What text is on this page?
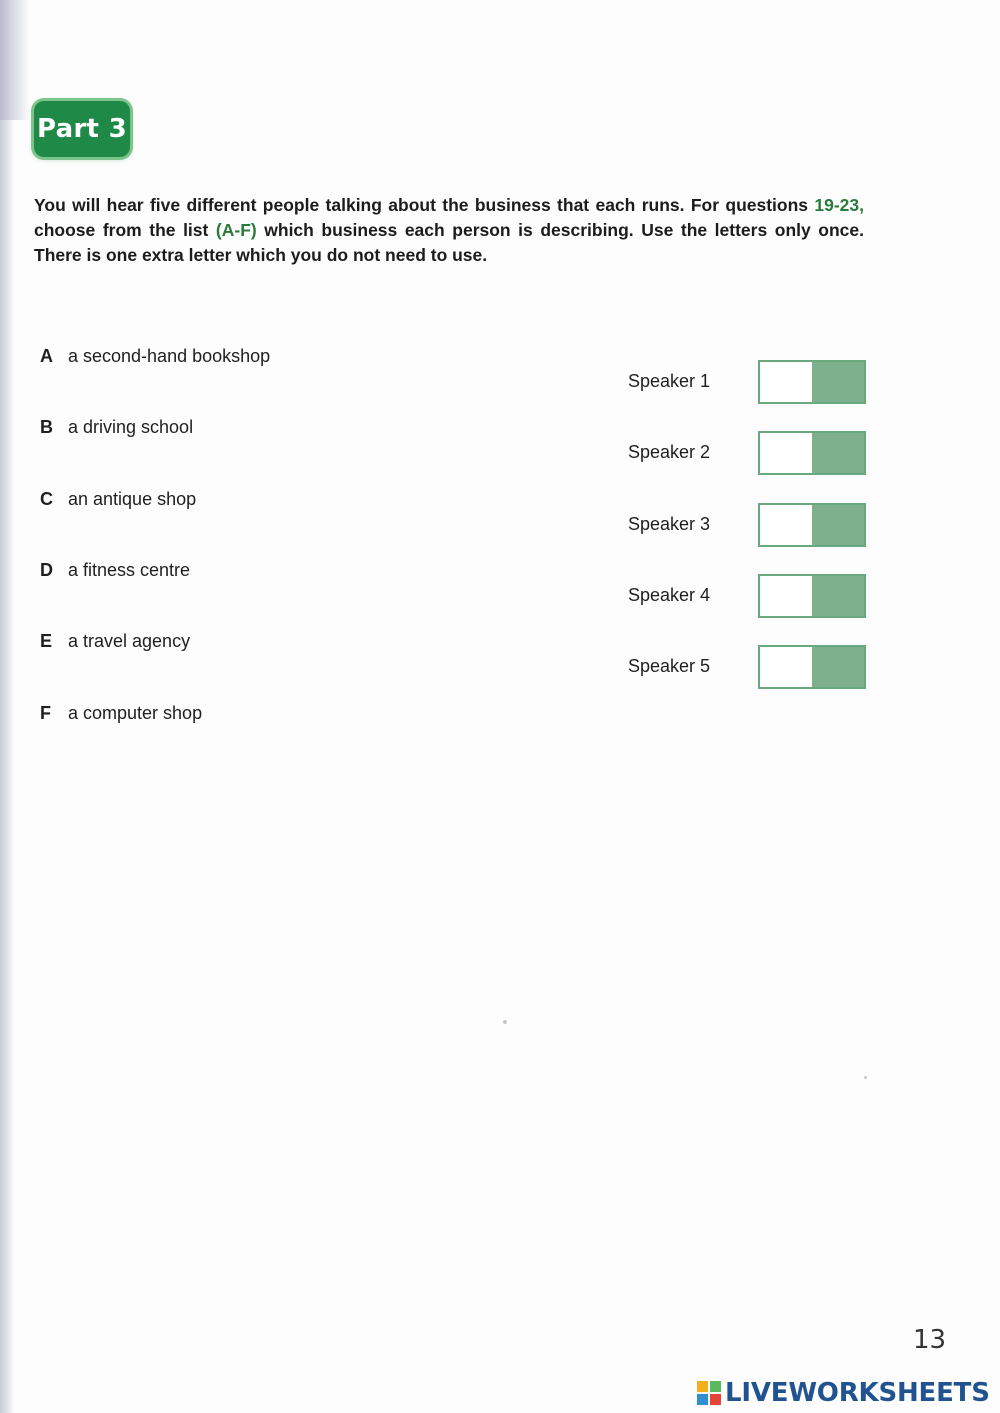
Part 3
You will hear five different people talking about the business that each runs. For questions 19-23, choose from the list (A-F) which business each person is describing. Use the letters only once. There is one extra letter which you do not need to use.
A a second-hand bookshop
B a driving school
C an antique shop
D a fitness centre
E a travel agency
F a computer shop
Speaker 1
Speaker 2
Speaker 3
Speaker 4
Speaker 5
13
LIVEWORKSHEETS
